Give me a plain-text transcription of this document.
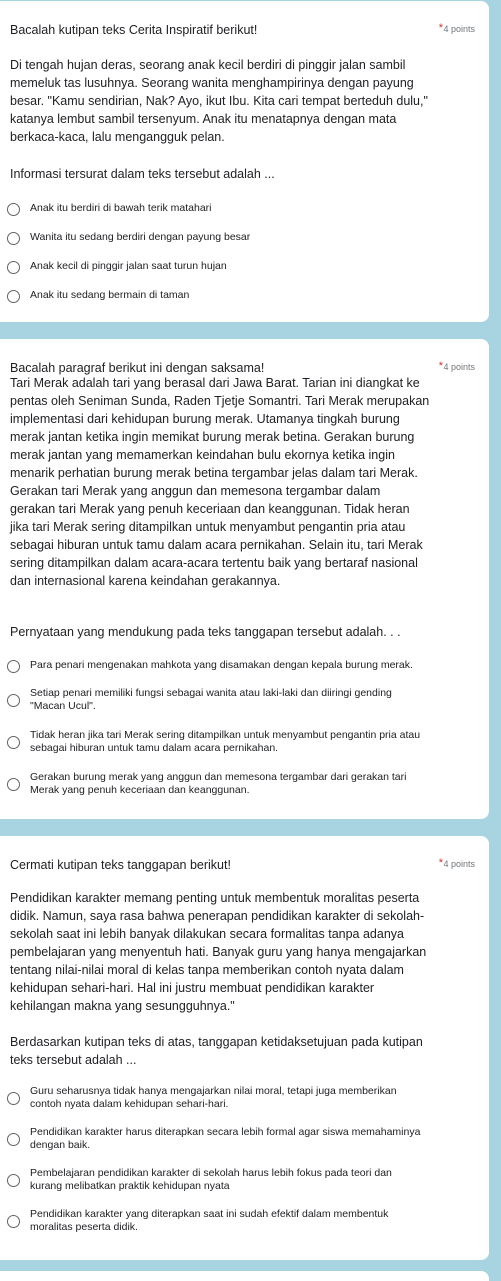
Bacalah kutipan teks Cerita Inspiratif berikut!	* 4 points
Di tengah hujan deras, seorang anak kecil berdiri di pinggir jalan sambil
memeluk tas lusuhnya. Seorang wanita menghampirinya dengan payung
besar. "Kamu sendirian, Nak? Ayo, ikut Ibu. Kita cari tempat berteduh dulu,"
katanya lembut sambil tersenyum. Anak itu menatapnya dengan mata
berkaca-kaca, lalu mengangguk pelan.
Informasi tersurat dalam teks tersebut adalah ...
Anak itu berdiri di bawah terik matahari
Wanita itu sedang berdiri dengan payung besar
Anak kecil di pinggir jalan saat turun hujan
Anak itu sedang bermain di taman
Bacalah paragraf berikut ini dengan saksama!	* 4 points
Tari Merak adalah tari yang berasal dari Jawa Barat. Tarian ini diangkat ke
pentas oleh Seniman Sunda, Raden Tjetje Somantri. Tari Merak merupakan
implementasi dari kehidupan burung merak. Utamanya tingkah burung
merak jantan ketika ingin memikat burung merak betina. Gerakan burung
merak jantan yang memamerkan keindahan bulu ekornya ketika ingin
menarik perhatian burung merak betina tergambar jelas dalam tari Merak.
Gerakan tari Merak yang anggun dan memesona tergambar dalam
gerakan tari Merak yang penuh keceriaan dan keanggunan. Tidak heran
jika tari Merak sering ditampilkan untuk menyambut pengantin pria atau
sebagai hiburan untuk tamu dalam acara pernikahan. Selain itu, tari Merak
sering ditampilkan dalam acara-acara tertentu baik yang bertaraf nasional
dan internasional karena keindahan gerakannya.
Pernyataan yang mendukung pada teks tanggapan tersebut adalah. . .
Para penari mengenakan mahkota yang disamakan dengan kepala burung merak.
Setiap penari memiliki fungsi sebagai wanita atau laki-laki dan diiringi gending
"Macan Ucul".
Tidak heran jika tari Merak sering ditampilkan untuk menyambut pengantin pria atau
sebagai hiburan untuk tamu dalam acara pernikahan.
Gerakan burung merak yang anggun dan memesona tergambar dari gerakan tari
Merak yang penuh keceriaan dan keanggunan.
Cermati kutipan teks tanggapan berikut!	* 4 points
Pendidikan karakter memang penting untuk membentuk moralitas peserta
didik. Namun, saya rasa bahwa penerapan pendidikan karakter di sekolah-
sekolah saat ini lebih banyak dilakukan secara formalitas tanpa adanya
pembelajaran yang menyentuh hati. Banyak guru yang hanya mengajarkan
tentang nilai-nilai moral di kelas tanpa memberikan contoh nyata dalam
kehidupan sehari-hari. Hal ini justru membuat pendidikan karakter
kehilangan makna yang sesungguhnya."
Berdasarkan kutipan teks di atas, tanggapan ketidaksetujuan pada kutipan
teks tersebut adalah ...
Guru seharusnya tidak hanya mengajarkan nilai moral, tetapi juga memberikan
contoh nyata dalam kehidupan sehari-hari.
Pendidikan karakter harus diterapkan secara lebih formal agar siswa memahaminya
dengan baik.
Pembelajaran pendidikan karakter di sekolah harus lebih fokus pada teori dan
kurang melibatkan praktik kehidupan nyata
Pendidikan karakter yang diterapkan saat ini sudah efektif dalam membentuk
moralitas peserta didik.
